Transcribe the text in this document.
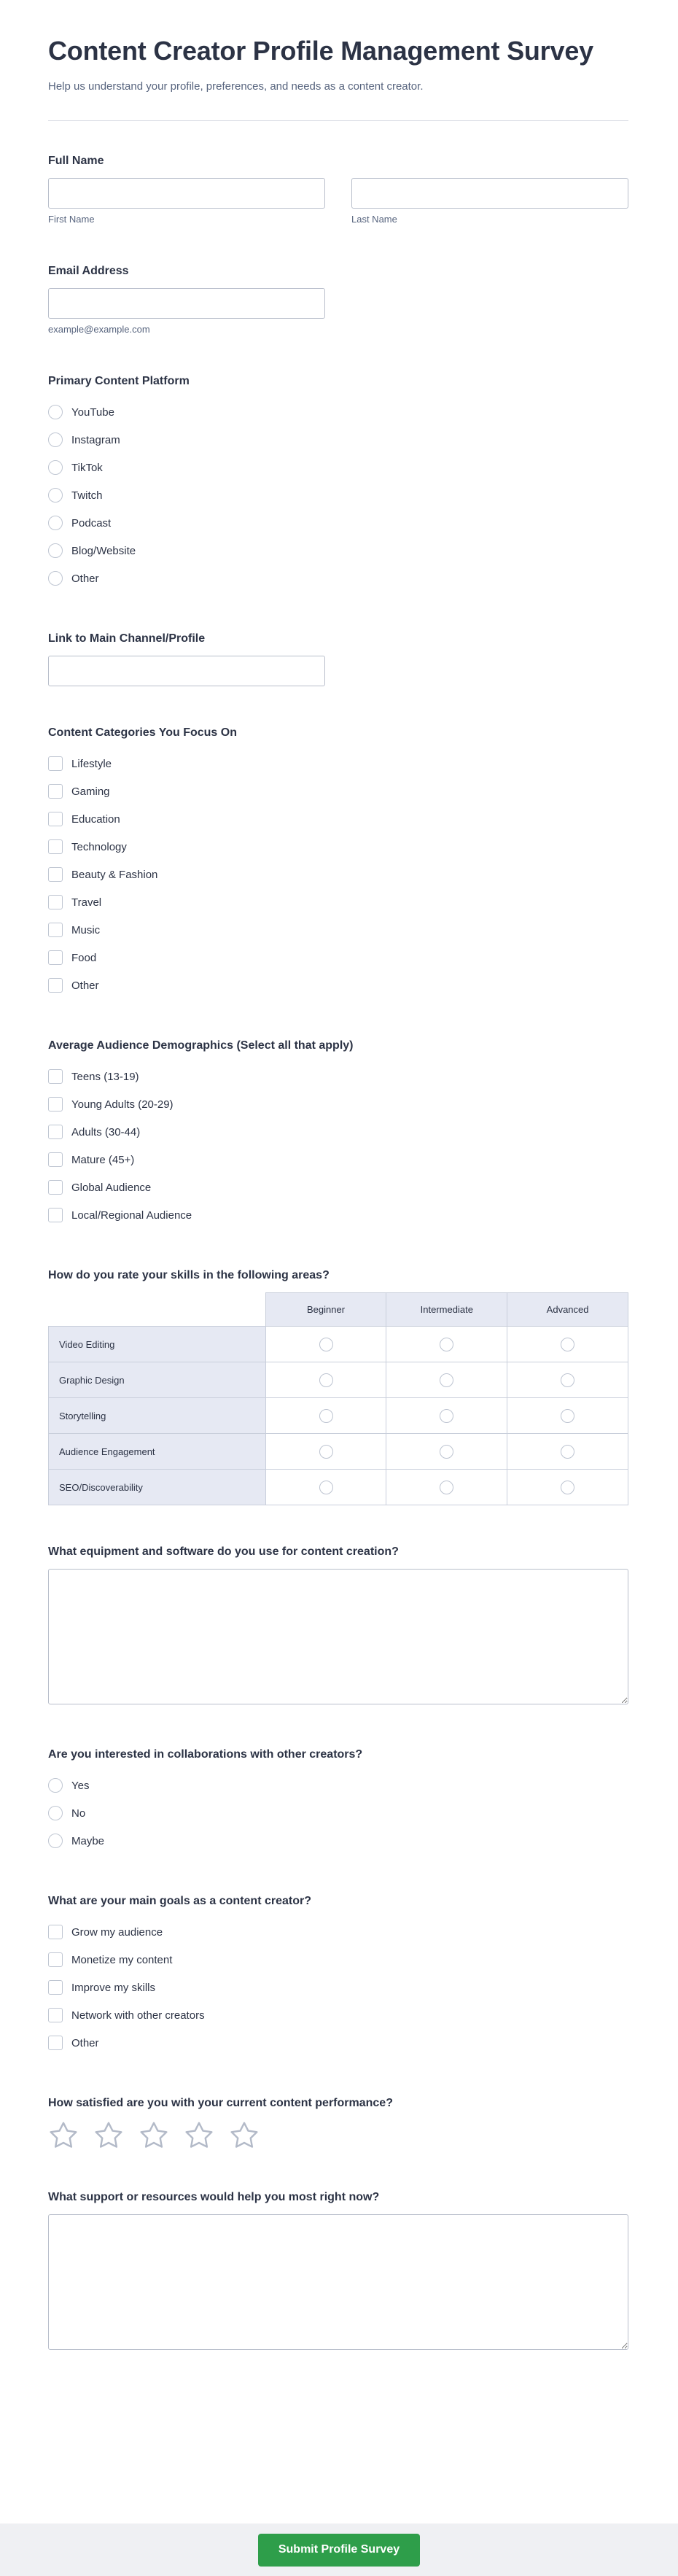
Content Creator Profile Management Survey

Help us understand your profile, preferences, and needs as a content creator.

Full Name
First Name	Last Name
Email Address
example@example.com
Primary Content Platform
YouTube
Instagram
TikTok
Twitch
Podcast
Blog/Website
Other
Link to Main Channel/Profile
Content Categories You Focus On
Lifestyle
Gaming
Education
Technology
Beauty & Fashion
Travel
Music
Food
Other
Average Audience Demographics (Select all that apply)
Teens (13-19)
Young Adults (20-29)
Adults (30-44)
Mature (45+)
Global Audience
Local/Regional Audience
How do you rate your skills in the following areas?
	Beginner	Intermediate	Advanced
Video Editing			
Graphic Design			
Storytelling			
Audience Engagement			
SEO/Discoverability			
What equipment and software do you use for content creation?
Are you interested in collaborations with other creators?
Yes
No
Maybe
What are your main goals as a content creator?
Grow my audience
Monetize my content
Improve my skills
Network with other creators
Other
How satisfied are you with your current content performance?
What support or resources would help you most right now?
Submit Profile Survey
